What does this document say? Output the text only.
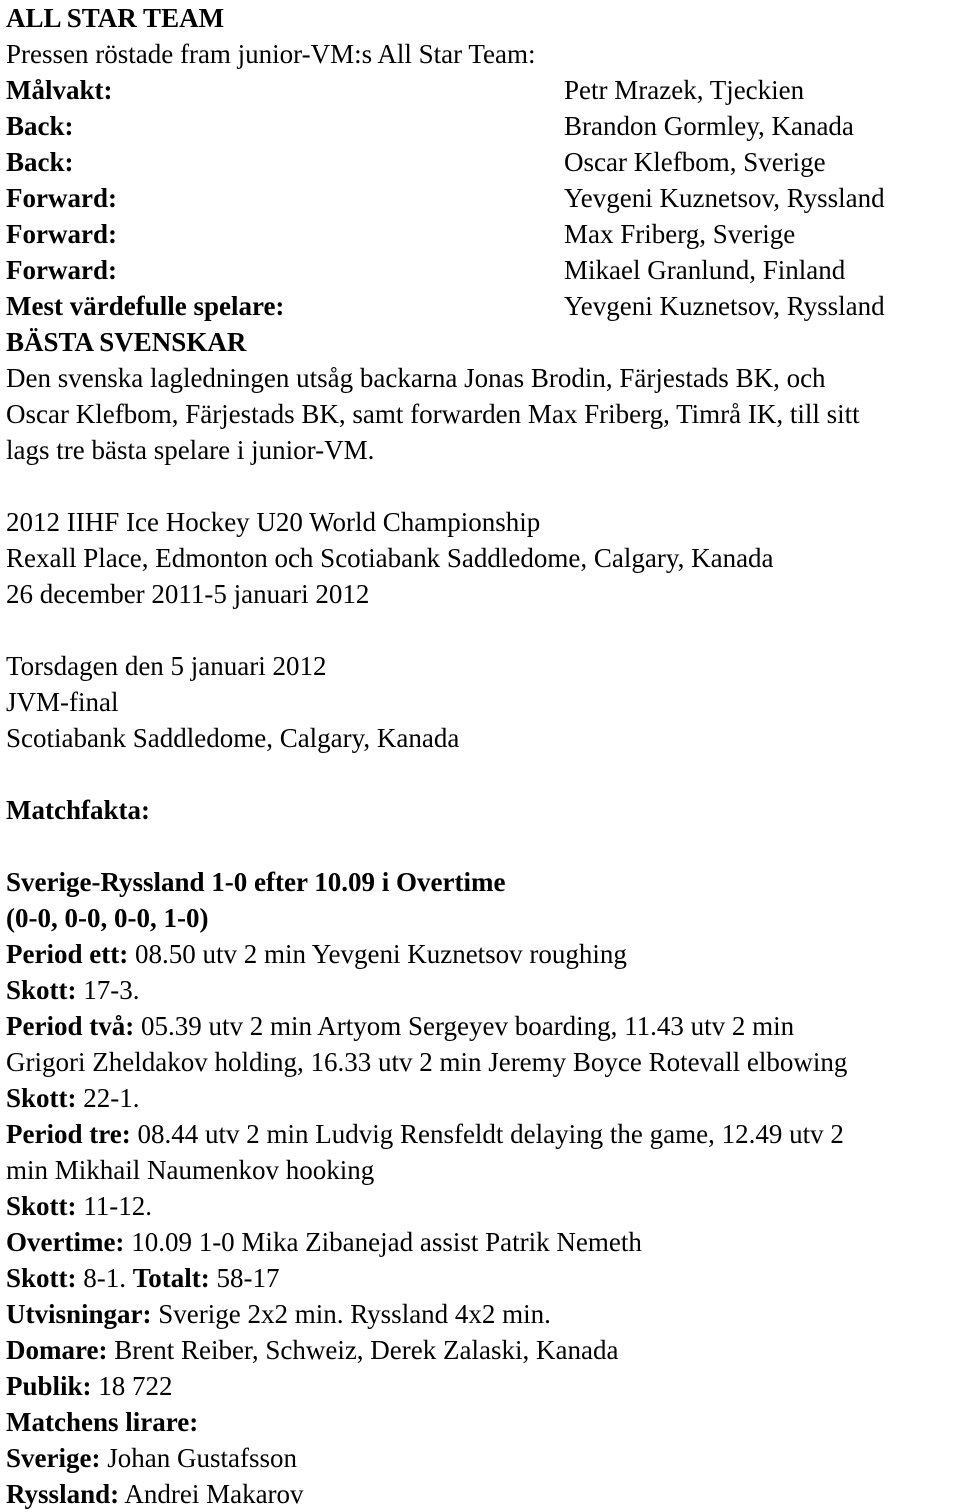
ALL STAR TEAM
Pressen röstade fram junior-VM:s All Star Team:
Målvakt:	Petr Mrazek, Tjeckien
Back:	Brandon Gormley, Kanada
Back:	Oscar Klefbom, Sverige
Forward:	Yevgeni Kuznetsov, Ryssland
Forward:	Max Friberg, Sverige
Forward:	Mikael Granlund, Finland
Mest värdefulle spelare:	Yevgeni Kuznetsov, Ryssland
BÄSTA SVENSKAR
Den svenska lagledningen utsåg backarna Jonas Brodin, Färjestads BK, och
Oscar Klefbom, Färjestads BK, samt forwarden Max Friberg, Timrå IK, till sitt
lags tre bästa spelare i junior-VM.
2012 IIHF Ice Hockey U20 World Championship
Rexall Place, Edmonton och Scotiabank Saddledome, Calgary, Kanada
26 december 2011-5 januari 2012
Torsdagen den 5 januari 2012
JVM-final
Scotiabank Saddledome, Calgary, Kanada
Matchfakta:
Sverige-Ryssland 1-0 efter 10.09 i Overtime
(0-0, 0-0, 0-0, 1-0)
Period ett: 08.50 utv 2 min Yevgeni Kuznetsov roughing
Skott: 17-3.
Period två: 05.39 utv 2 min Artyom Sergeyev boarding, 11.43 utv 2 min
Grigori Zheldakov holding, 16.33 utv 2 min Jeremy Boyce Rotevall elbowing
Skott: 22-1.
Period tre: 08.44 utv 2 min Ludvig Rensfeldt delaying the game, 12.49 utv 2
min Mikhail Naumenkov hooking
Skott: 11-12.
Overtime: 10.09 1-0 Mika Zibanejad assist Patrik Nemeth
Skott: 8-1. Totalt: 58-17
Utvisningar: Sverige 2x2 min. Ryssland 4x2 min.
Domare: Brent Reiber, Schweiz, Derek Zalaski, Kanada
Publik: 18 722
Matchens lirare:
Sverige: Johan Gustafsson
Ryssland: Andrei Makarov
